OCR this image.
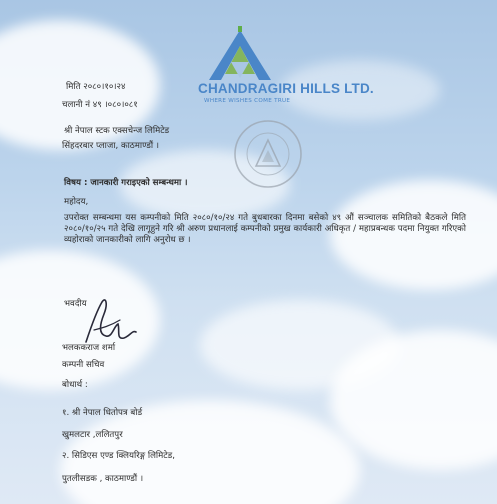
CHANDRAGIRI HILLS LTD.
WHERE WISHES COME TRUE
मिति २०८०।१०।२४
चलानी नं ४९ ।०८०।०८१
श्री नेपाल स्टक एक्सचेन्ज लिमिटेड
सिंहदरबार प्लाजा, काठमाण्डौं ।
विषय : जानकारी गराइएको सम्बन्धमा ।
महोदय,
उपरोक्त सम्बन्धमा यस कम्पनीको मिति २०८०/१०/२४ गते बुधबारका दिनमा बसेको ४९ औं सञ्चालक समितिको बैठकले मिति २०८०/१०/२५ गते देखि लागूहुने गरि श्री अरुण प्रधानलाई कम्पनीको प्रमुख कार्यकारी अधिकृत / महाप्रबन्धक पदमा नियुक्त गरिएको व्यहोराको जानकारीको लागि अनुरोध छ ।
भवदीय
भलककराज शर्मा
कम्पनी सचिव
बोधार्थ :
१. श्री नेपाल धितोपत्र बोर्ड
खुमलटार ,ललितपुर
२. सिडिएस एण्ड क्लियरिङ्ग लिमिटेड,
पुतलीसडक , काठमाण्डौं ।
